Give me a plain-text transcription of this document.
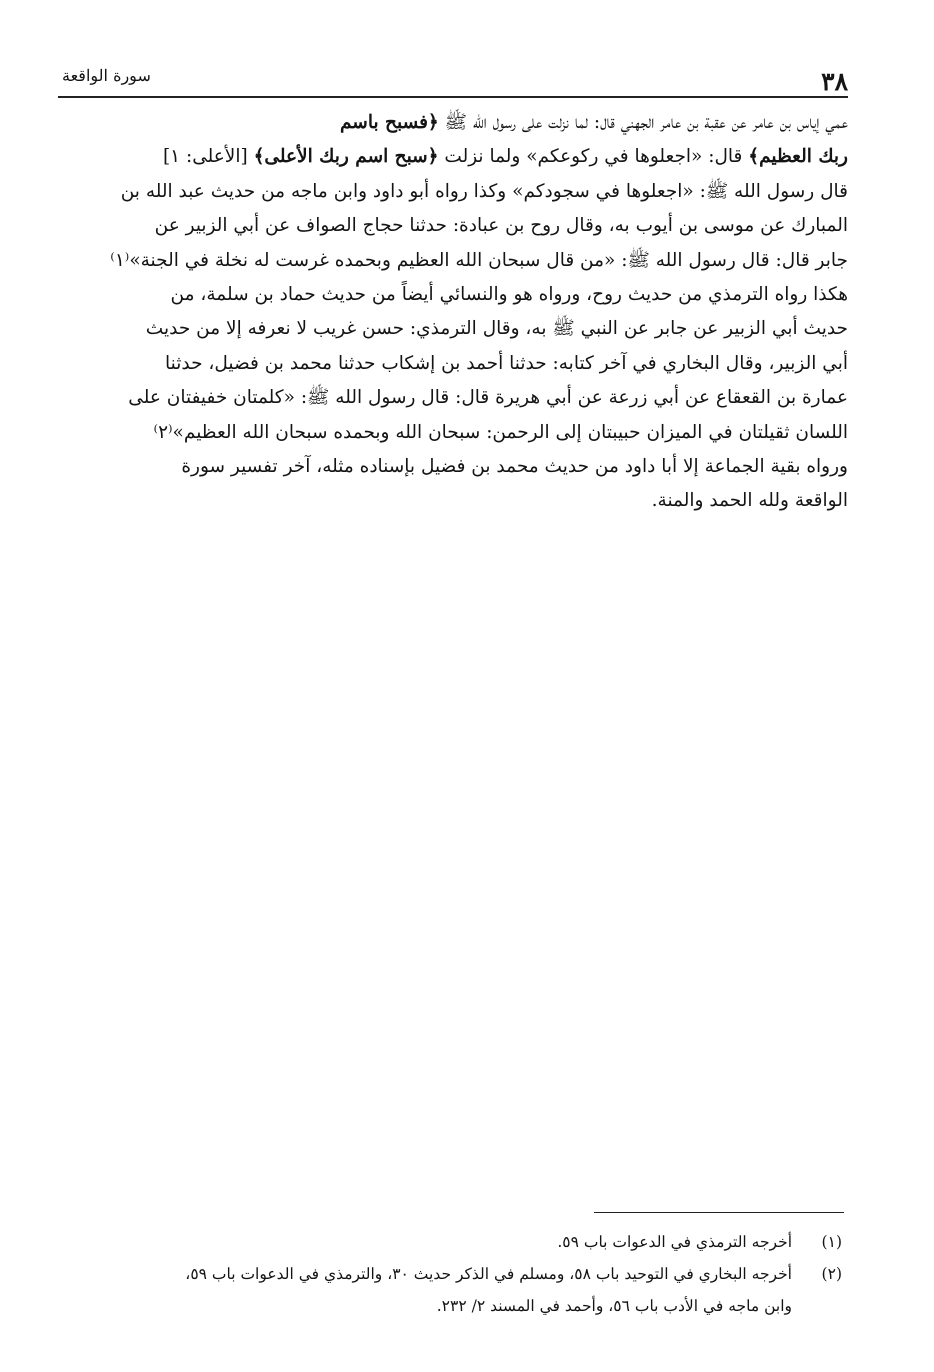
٣٨
سورة الواقعة
عمي إياس بن عامر عن عقبة بن عامر الجهني قال: لما نزلت على رسول الله ﷺ ﴿فسبح باسم
ربك العظيم﴾ قال: «اجعلوها في ركوعكم» ولما نزلت ﴿سبح اسم ربك الأعلى﴾ [الأعلى: ١]
قال رسول الله ﷺ: «اجعلوها في سجودكم» وكذا رواه أبو داود وابن ماجه من حديث عبد الله بن
المبارك عن موسى بن أيوب به، وقال روح بن عبادة: حدثنا حجاج الصواف عن أبي الزبير عن
جابر قال: قال رسول الله ﷺ: «من قال سبحان الله العظيم وبحمده غرست له نخلة في الجنة»⁽١⁾
هكذا رواه الترمذي من حديث روح، ورواه هو والنسائي أيضاً من حديث حماد بن سلمة، من
حديث أبي الزبير عن جابر عن النبي ﷺ به، وقال الترمذي: حسن غريب لا نعرفه إلا من حديث
أبي الزبير، وقال البخاري في آخر كتابه: حدثنا أحمد بن إشكاب حدثنا محمد بن فضيل، حدثنا
عمارة بن القعقاع عن أبي زرعة عن أبي هريرة قال: قال رسول الله ﷺ: «كلمتان خفيفتان على
اللسان ثقيلتان في الميزان حبيبتان إلى الرحمن: سبحان الله وبحمده سبحان الله العظيم»⁽٢⁾
ورواه بقية الجماعة إلا أبا داود من حديث محمد بن فضيل بإسناده مثله، آخر تفسير سورة
الواقعة ولله الحمد والمنة.
(١)
أخرجه الترمذي في الدعوات باب ٥٩.
(٢)
أخرجه البخاري في التوحيد باب ٥٨، ومسلم في الذكر حديث ٣٠، والترمذي في الدعوات باب ٥٩،
وابن ماجه في الأدب باب ٥٦، وأحمد في المسند ٢/ ٢٣٢.
